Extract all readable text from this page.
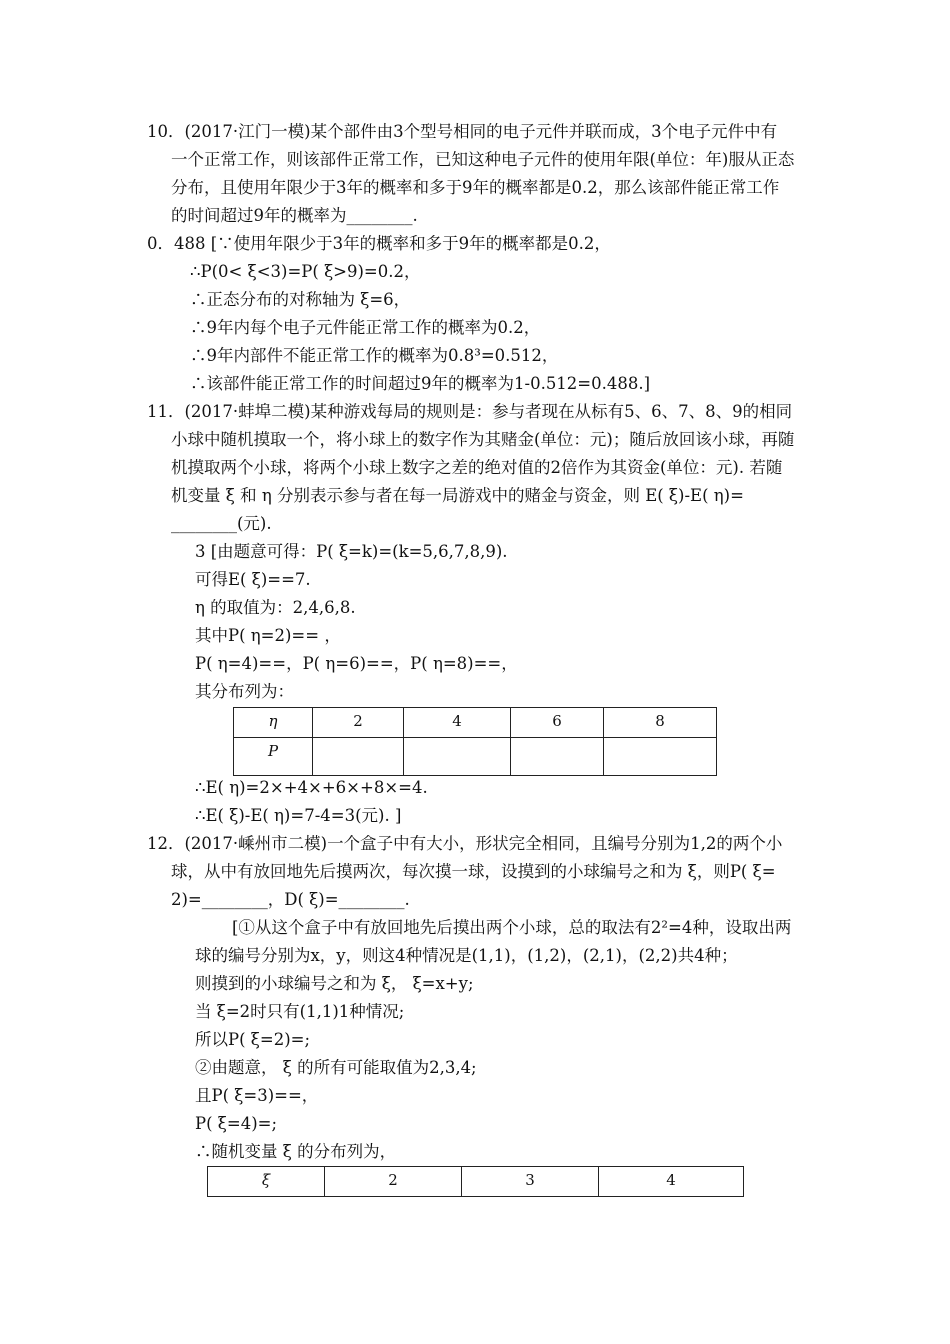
10．(2017·江门一模)某个部件由3个型号相同的电子元件并联而成，3个电子元件中有
一个正常工作，则该部件正常工作，已知这种电子元件的使用年限(单位：年)服从正态
分布，且使用年限少于3年的概率和多于9年的概率都是0.2，那么该部件能正常工作
的时间超过9年的概率为________.
0．488 [∵使用年限少于3年的概率和多于9年的概率都是0.2，
∴P(0< ξ<3)=P( ξ>9)=0.2，
∴正态分布的对称轴为 ξ=6，
∴9年内每个电子元件能正常工作的概率为0.2，
∴9年内部件不能正常工作的概率为0.8³=0.512，
∴该部件能正常工作的时间超过9年的概率为1-0.512=0.488.]
11．(2017·蚌埠二模)某种游戏每局的规则是：参与者现在从标有5、6、7、8、9的相同
小球中随机摸取一个，将小球上的数字作为其赌金(单位：元)；随后放回该小球，再随
机摸取两个小球，将两个小球上数字之差的绝对值的2倍作为其资金(单位：元). 若随
机变量 ξ 和 η 分别表示参与者在每一局游戏中的赌金与资金，则 E( ξ)-E( η)=
________(元).
3 [由题意可得：P( ξ=k)=(k=5,6,7,8,9).
可得E( ξ)==7.
η 的取值为：2,4,6,8.
其中P( η=2)== ，
P( η=4)==，P( η=6)==，P( η=8)==，
其分布列为：
η	2	4	6	8
P				
∴E( η)=2×+4×+6×+8×=4.
∴E( ξ)-E( η)=7-4=3(元). ]
12．(2017·嵊州市二模)一个盒子中有大小，形状完全相同，且编号分别为1,2的两个小
球，从中有放回地先后摸两次，每次摸一球，设摸到的小球编号之和为 ξ，则P( ξ=
2)=________，D( ξ)=________.
[①从这个盒子中有放回地先后摸出两个小球，总的取法有2²=4种，设取出两
球的编号分别为x，y，则这4种情况是(1,1)，(1,2)，(2,1)，(2,2)共4种；
则摸到的小球编号之和为 ξ， ξ=x+y;
当 ξ=2时只有(1,1)1种情况;
所以P( ξ=2)=;
②由题意， ξ 的所有可能取值为2,3,4;
且P( ξ=3)==，
P( ξ=4)=;
∴随机变量 ξ 的分布列为，
ξ	2	3	4
